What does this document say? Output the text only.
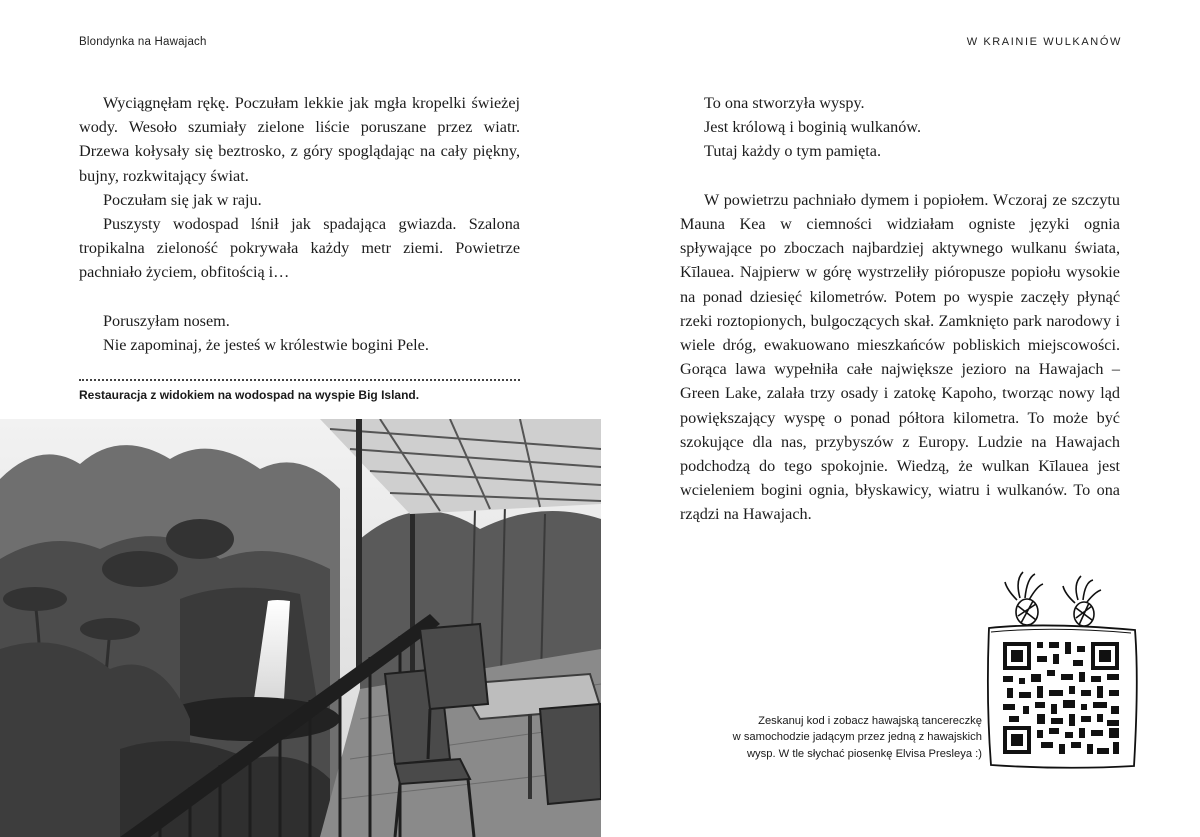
Blondynka na Hawajach	W KRAINIE WULKANÓW

Wyciągnęłam rękę. Poczułam lekkie jak mgła kropelki świeżej wody. Wesoło szumiały zielone liście poruszane przez wiatr. Drzewa kołysały się beztrosko, z góry spoglądając na cały piękny, bujny, rozkwitający świat.

Poczułam się jak w raju.

Puszysty wodospad lśnił jak spadająca gwiazda. Szalona tropikalna zieloność pokrywała każdy metr ziemi. Powietrze pachniało życiem, obfitością i…

Poruszyłam nosem.

Nie zapominaj, że jesteś w królestwie bogini Pele.

Restauracja z widokiem na wodospad na wyspie Big Island.
To ona stworzyła wyspy.
Jest królową i boginią wulkanów.
Tutaj każdy o tym pamięta.

W powietrzu pachniało dymem i popiołem. Wczoraj ze szczytu Mauna Kea w ciemności widziałam ogniste języki ognia spływające po zboczach najbardziej aktywnego wulkanu świata, Kīlauea. Najpierw w górę wystrzeliły pióropusze popiołu wysokie na ponad dziesięć kilometrów. Potem po wyspie zaczęły płynąć rzeki roztopionych, bulgoczących skał. Zamknięto park narodowy i wiele dróg, ewakuowano mieszkańców pobliskich miejscowości. Gorąca lawa wypełniła całe największe jezioro na Hawajach – Green Lake, zalała trzy osady i zatokę Kapoho, tworząc nowy ląd powiększający wyspę o ponad półtora kilometra. To może być szokujące dla nas, przybyszów z Europy. Ludzie na Hawajach podchodzą do tego spokojnie. Wiedzą, że wulkan Kīlauea jest wcieleniem bogini ognia, błyskawicy, wiatru i wulkanów. To ona rządzi na Hawajach.

Zeskanuj kod i zobacz hawajską tancereczkę
w samochodzie jadącym przez jedną z hawajskich
wysp. W tle słychać piosenkę Elvisa Presleya :)
